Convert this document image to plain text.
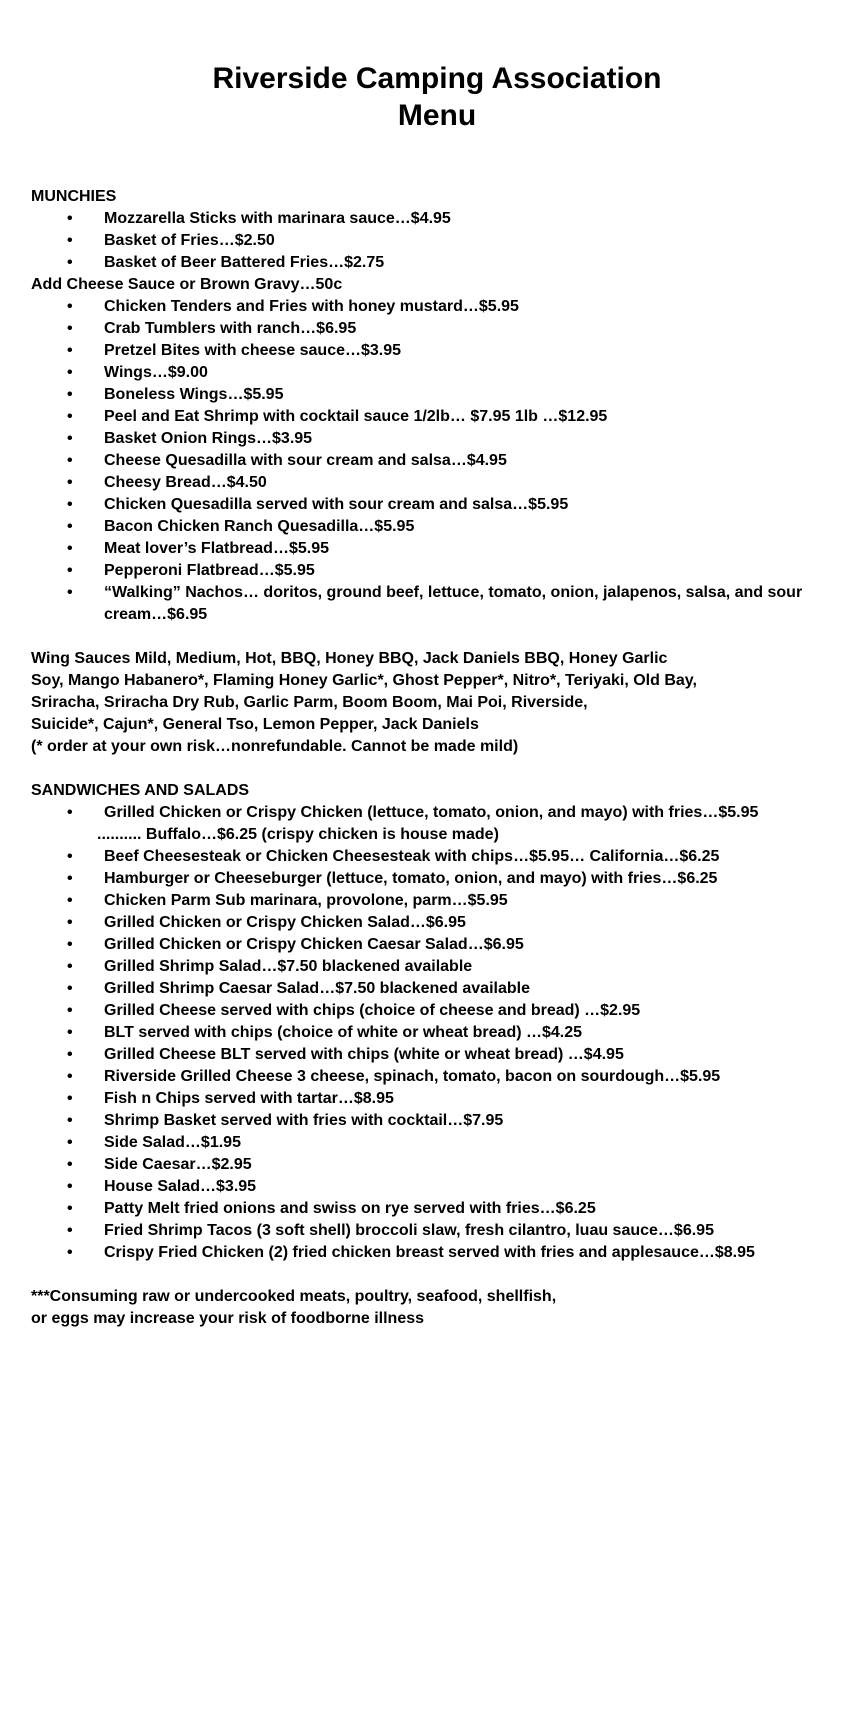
Riverside Camping Association
Menu
MUNCHIES
• Mozzarella Sticks with marinara sauce…$4.95
• Basket of Fries…$2.50
• Basket of Beer Battered Fries…$2.75
Add Cheese Sauce or Brown Gravy…50c
• Chicken Tenders and Fries with honey mustard…$5.95
• Crab Tumblers with ranch…$6.95
• Pretzel Bites with cheese sauce…$3.95
• Wings…$9.00
• Boneless Wings…$5.95
• Peel and Eat Shrimp with cocktail sauce 1/2lb… $7.95 1lb …$12.95
• Basket Onion Rings…$3.95
• Cheese Quesadilla with sour cream and salsa…$4.95
• Cheesy Bread…$4.50
• Chicken Quesadilla served with sour cream and salsa…$5.95
• Bacon Chicken Ranch Quesadilla…$5.95
• Meat lover’s Flatbread…$5.95
• Pepperoni Flatbread…$5.95
• “Walking” Nachos… doritos, ground beef, lettuce, tomato, onion, jalapenos, salsa, and sour cream…$6.95
Wing Sauces Mild, Medium, Hot, BBQ, Honey BBQ, Jack Daniels BBQ, Honey Garlic
Soy, Mango Habanero*, Flaming Honey Garlic*, Ghost Pepper*, Nitro*, Teriyaki, Old Bay,
Sriracha, Sriracha Dry Rub, Garlic Parm, Boom Boom, Mai Poi, Riverside,
Suicide*, Cajun*, General Tso, Lemon Pepper, Jack Daniels
(* order at your own risk…nonrefundable. Cannot be made mild)
SANDWICHES AND SALADS
• Grilled Chicken or Crispy Chicken (lettuce, tomato, onion, and mayo) with fries…$5.95
.......... Buffalo…$6.25 (crispy chicken is house made)
• Beef Cheesesteak or Chicken Cheesesteak with chips…$5.95… California…$6.25
• Hamburger or Cheeseburger (lettuce, tomato, onion, and mayo) with fries…$6.25
• Chicken Parm Sub marinara, provolone, parm…$5.95
• Grilled Chicken or Crispy Chicken Salad…$6.95
• Grilled Chicken or Crispy Chicken Caesar Salad…$6.95
• Grilled Shrimp Salad…$7.50 blackened available
• Grilled Shrimp Caesar Salad…$7.50 blackened available
• Grilled Cheese served with chips (choice of cheese and bread) …$2.95
• BLT served with chips (choice of white or wheat bread) …$4.25
• Grilled Cheese BLT served with chips (white or wheat bread) …$4.95
• Riverside Grilled Cheese 3 cheese, spinach, tomato, bacon on sourdough…$5.95
• Fish n Chips served with tartar…$8.95
• Shrimp Basket served with fries with cocktail…$7.95
• Side Salad…$1.95
• Side Caesar…$2.95
• House Salad…$3.95
• Patty Melt fried onions and swiss on rye served with fries…$6.25
• Fried Shrimp Tacos (3 soft shell) broccoli slaw, fresh cilantro, luau sauce…$6.95
• Crispy Fried Chicken (2) fried chicken breast served with fries and applesauce…$8.95
***Consuming raw or undercooked meats, poultry, seafood, shellfish,
or eggs may increase your risk of foodborne illness
